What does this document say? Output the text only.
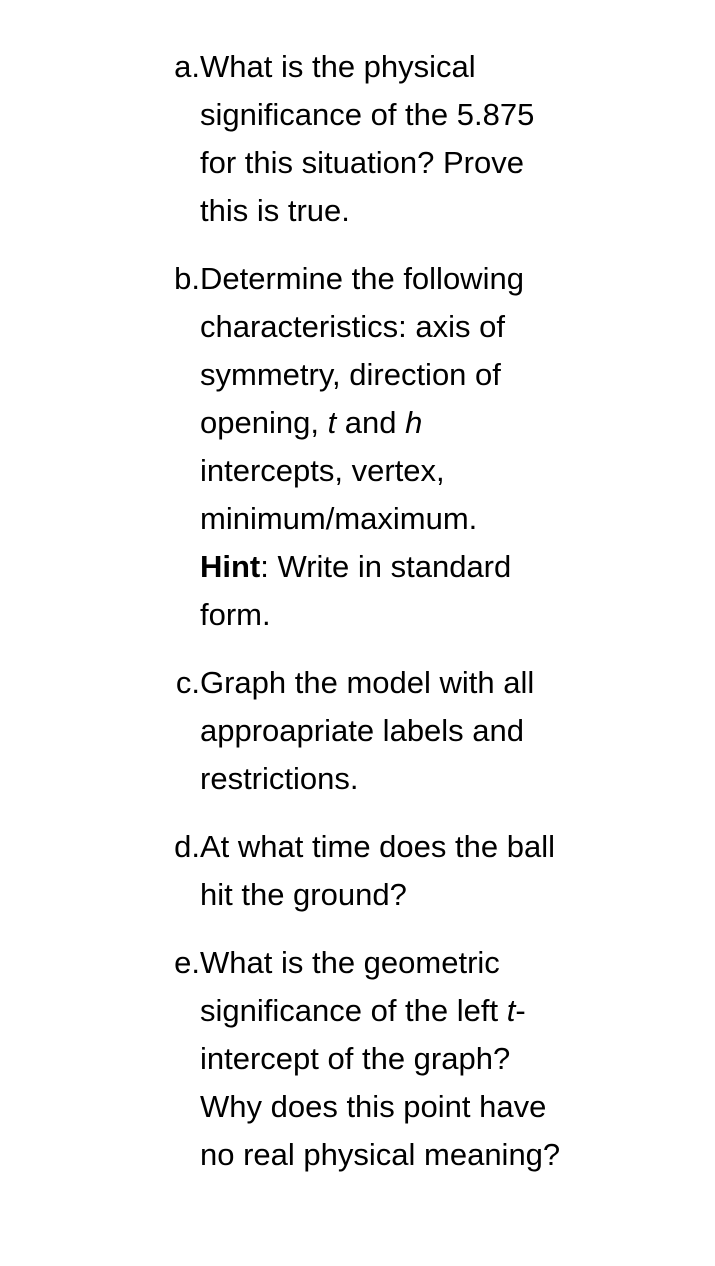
a. What is the physical significance of the 5.875 for this situation? Prove this is true.
b. Determine the following characteristics: axis of symmetry, direction of opening, t and h intercepts, vertex, minimum/maximum.
Hint: Write in standard form.
c. Graph the model with all approapriate labels and restrictions.
d. At what time does the ball hit the ground?
e. What is the geometric significance of the left t-intercept of the graph? Why does this point have no real physical meaning?
